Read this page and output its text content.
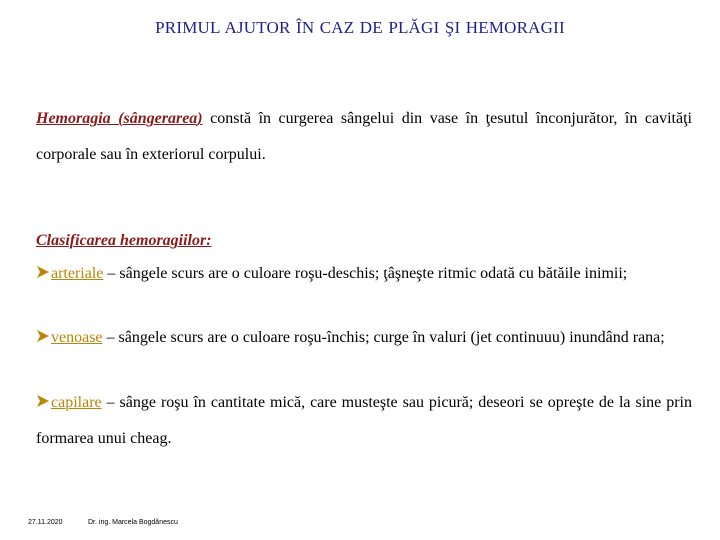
PRIMUL AJUTOR ÎN CAZ DE PLĂGI ŞI HEMORAGII
Hemoragia (sângerarea) constă în curgerea sângelui din vase în ţesutul înconjurător, în cavităţi corporale sau în exteriorul corpului.
Clasificarea hemoragiilor:
arteriale – sângele scurs are o culoare roşu-deschis; ţâşneşte ritmic odată cu bătăile inimii;
venoase – sângele scurs are o culoare roşu-închis; curge în valuri (jet continuuu) inundând rana;
capilare – sânge roşu în cantitate mică, care musteşte sau picură; deseori se opreşte de la sine prin formarea unui cheag.
27.11.2020	Dr. ing. Marcela Bogdănescu
